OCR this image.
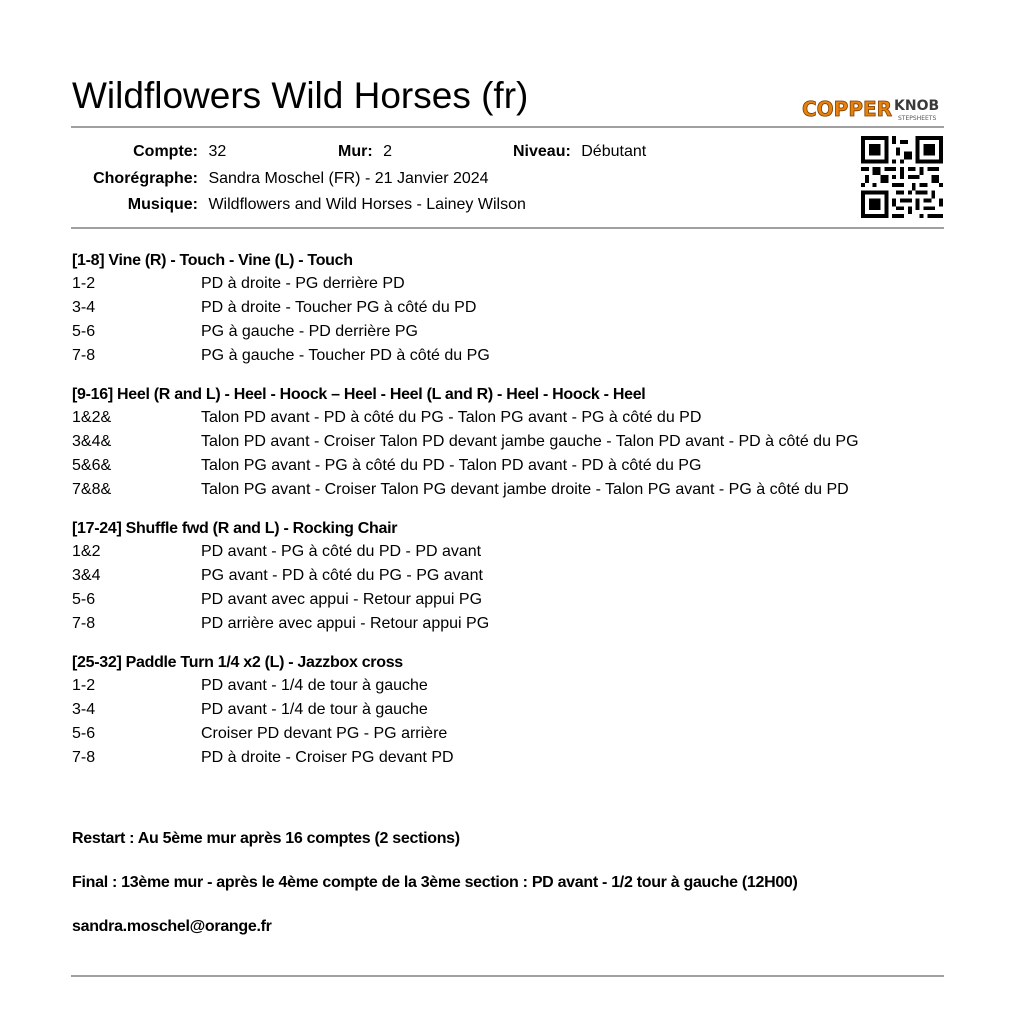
Wildflowers Wild Horses (fr)	COPPER KNOB
STEPSHEETS
Compte: 32	Mur: 2	Niveau: Débutant
Chorégraphe: Sandra Moschel (FR) - 21 Janvier 2024
Musique: Wildflowers and Wild Horses - Lainey Wilson
[1-8] Vine (R) - Touch - Vine (L) - Touch
1-2	PD à droite - PG derrière PD
3-4	PD à droite - Toucher PG à côté du PD
5-6	PG à gauche - PD derrière PG
7-8	PG à gauche - Toucher PD à côté du PG
[9-16] Heel (R and L) - Heel - Hoock – Heel - Heel (L and R) - Heel - Hoock - Heel
1&2&	Talon PD avant - PD à côté du PG - Talon PG avant - PG à côté du PD
3&4&	Talon PD avant - Croiser Talon PD devant jambe gauche - Talon PD avant - PD à côté du PG
5&6&	Talon PG avant - PG à côté du PD - Talon PD avant - PD à côté du PG
7&8&	Talon PG avant - Croiser Talon PG devant jambe droite - Talon PG avant - PG à côté du PD
[17-24] Shuffle fwd (R and L) - Rocking Chair
1&2	PD avant - PG à côté du PD - PD avant
3&4	PG avant - PD à côté du PG - PG avant
5-6	PD avant avec appui - Retour appui PG
7-8	PD arrière avec appui - Retour appui PG
[25-32] Paddle Turn 1/4 x2 (L) - Jazzbox cross
1-2	PD avant - 1/4 de tour à gauche
3-4	PD avant - 1/4 de tour à gauche
5-6	Croiser PD devant PG - PG arrière
7-8	PD à droite - Croiser PG devant PD
Restart : Au 5ème mur après 16 comptes (2 sections)
Final : 13ème mur - après le 4ème compte de la 3ème section : PD avant - 1/2 tour à gauche (12H00)
sandra.moschel@orange.fr
